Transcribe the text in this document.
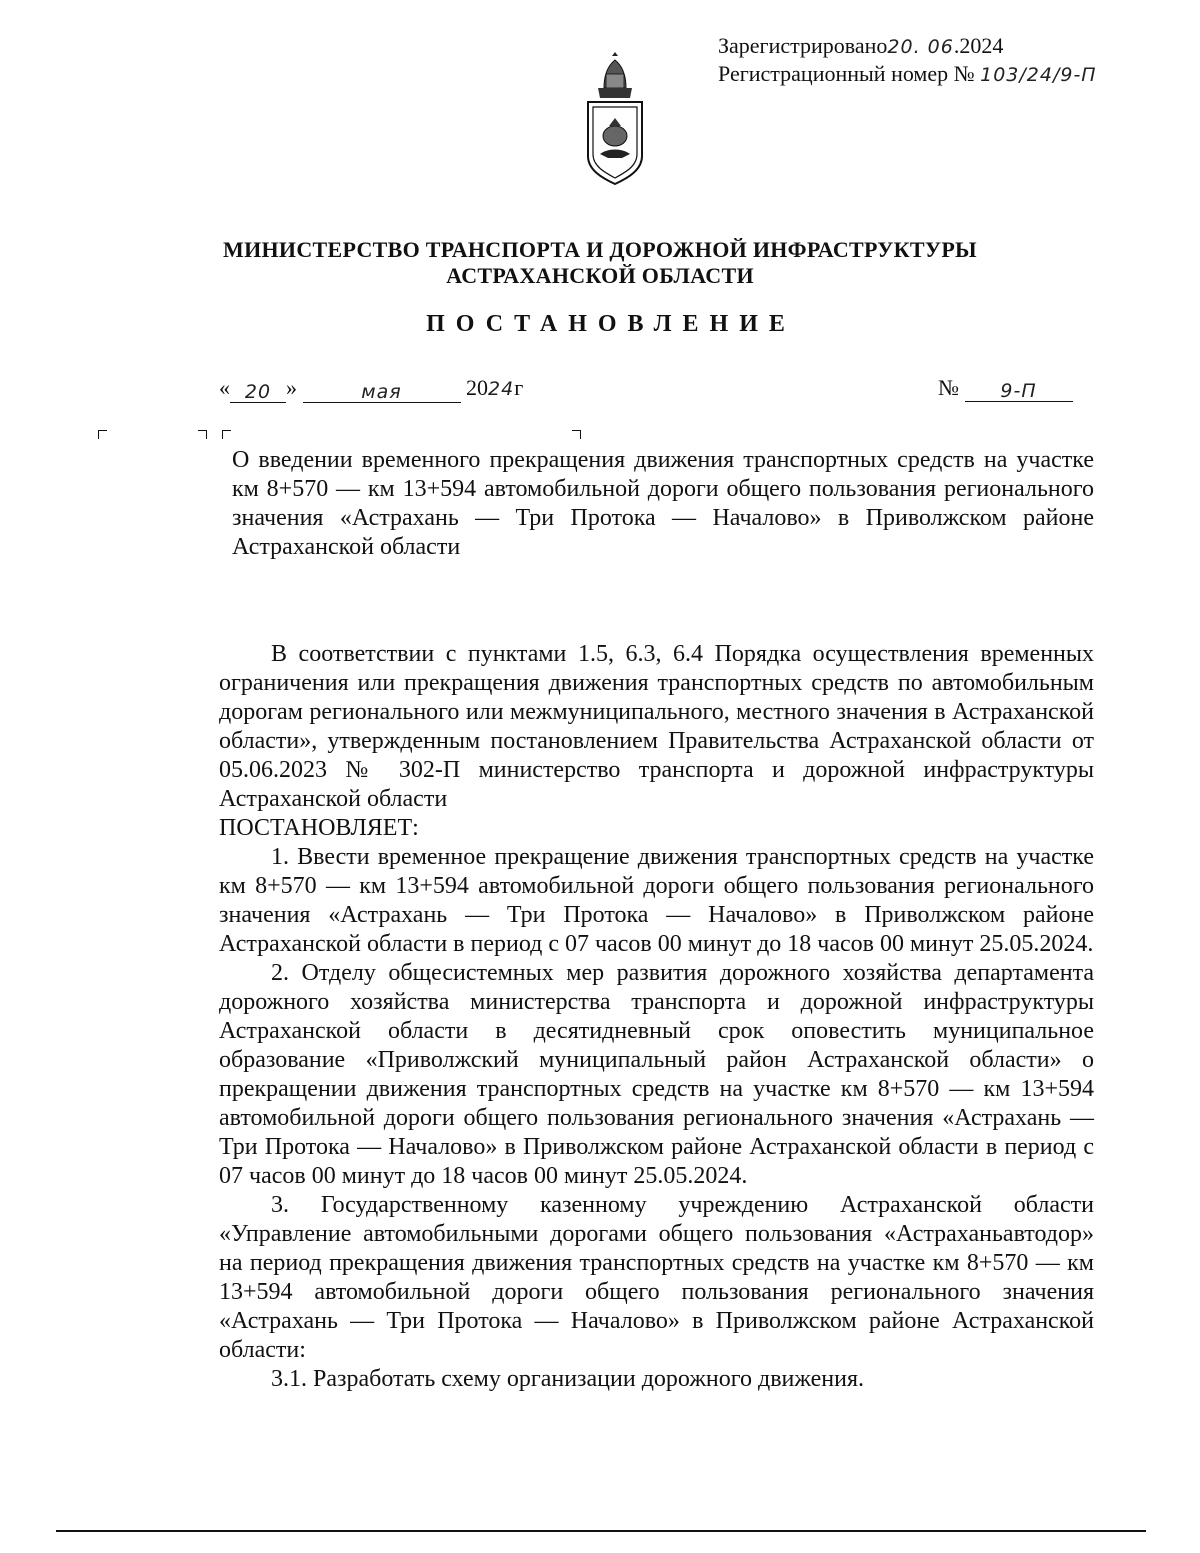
Зарегистрировано20. 06.2024
Регистрационный номер № 103/24/9-П
МИНИСТЕРСТВО ТРАНСПОРТА И ДОРОЖНОЙ ИНФРАСТРУКТУРЫ
АСТРАХАНСКОЙ ОБЛАСТИ
ПОСТАНОВЛЕНИЕ
« 20 »	мая	2024г	№ 9-П
О введении временного прекращения движения транспортных средств на участке км 8+570 — км 13+594 автомобильной дороги общего пользования регионального значения «Астрахань — Три Протока — Началово» в Приволжском районе Астраханской области

В соответствии с пунктами 1.5, 6.3, 6.4 Порядка осуществления временных ограничения или прекращения движения транспортных средств по автомобильным дорогам регионального или межмуниципального, местного значения в Астраханской области», утвержденным постановлением Правительства Астраханской области от 05.06.2023 № 302-П министерство транспорта и дорожной инфраструктуры Астраханской области

ПОСТАНОВЛЯЕТ:

1. Ввести временное прекращение движения транспортных средств на участке км 8+570 — км 13+594 автомобильной дороги общего пользования регионального значения «Астрахань — Три Протока — Началово» в Приволжском районе Астраханской области в период с 07 часов 00 минут до 18 часов 00 минут 25.05.2024.

2. Отделу общесистемных мер развития дорожного хозяйства департамента дорожного хозяйства министерства транспорта и дорожной инфраструктуры Астраханской области в десятидневный срок оповестить муниципальное образование «Приволжский муниципальный район Астраханской области» о прекращении движения транспортных средств на участке км 8+570 — км 13+594 автомобильной дороги общего пользования регионального значения «Астрахань — Три Протока — Началово» в Приволжском районе Астраханской области в период с 07 часов 00 минут до 18 часов 00 минут 25.05.2024.

3. Государственному казенному учреждению Астраханской области «Управление автомобильными дорогами общего пользования «Астраханьавтодор» на период прекращения движения транспортных средств на участке км 8+570 — км 13+594 автомобильной дороги общего пользования регионального значения «Астрахань — Три Протока — Началово» в Приволжском районе Астраханской области:

3.1. Разработать схему организации дорожного движения.
